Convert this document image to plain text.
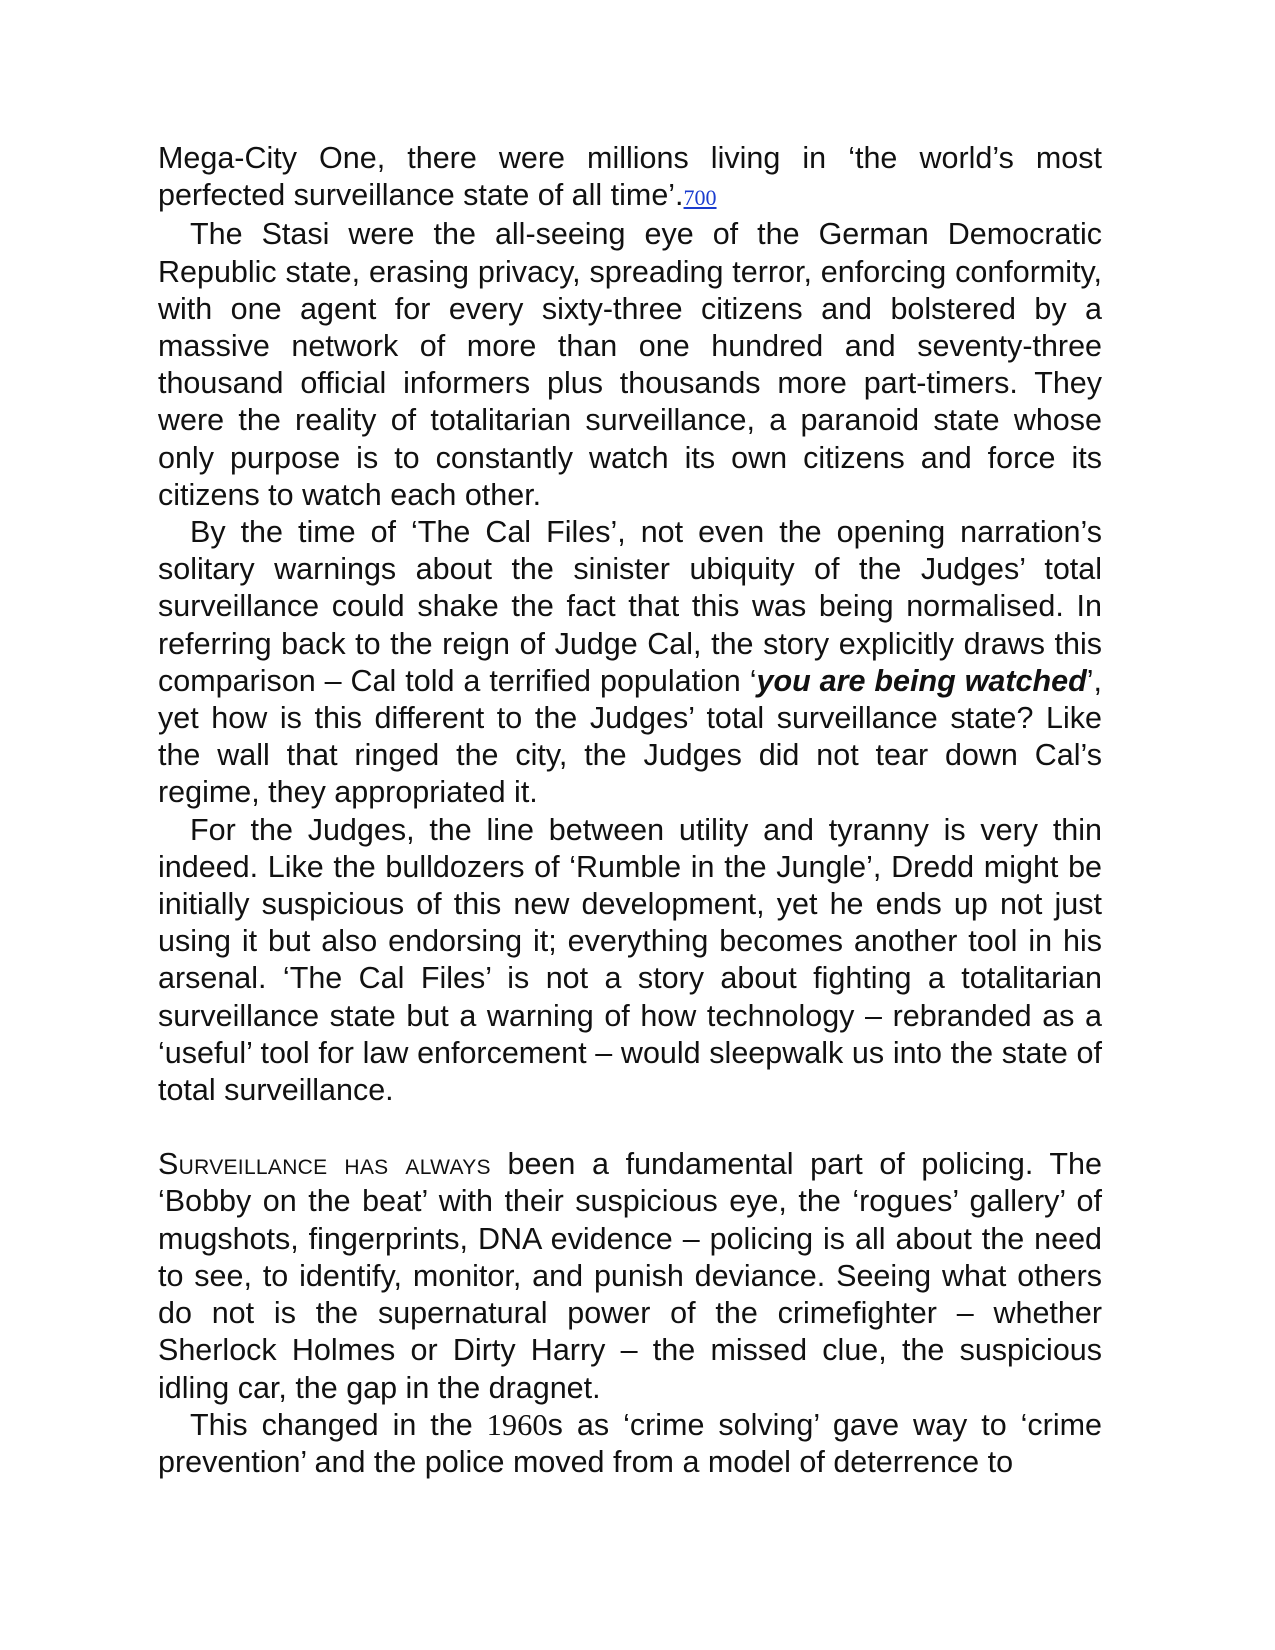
Mega-City One, there were millions living in ‘the world’s most perfected surveillance state of all time’.700

The Stasi were the all-seeing eye of the German Democratic Republic state, erasing privacy, spreading terror, enforcing conformity, with one agent for every sixty-three citizens and bolstered by a massive network of more than one hundred and seventy-three thousand official informers plus thousands more part-timers. They were the reality of totalitarian surveillance, a paranoid state whose only purpose is to constantly watch its own citizens and force its citizens to watch each other.

By the time of ‘The Cal Files’, not even the opening narration’s solitary warnings about the sinister ubiquity of the Judges’ total surveillance could shake the fact that this was being normalised. In referring back to the reign of Judge Cal, the story explicitly draws this comparison – Cal told a terrified population ‘you are being watched’, yet how is this different to the Judges’ total surveillance state? Like the wall that ringed the city, the Judges did not tear down Cal’s regime, they appropriated it.

For the Judges, the line between utility and tyranny is very thin indeed. Like the bulldozers of ‘Rumble in the Jungle’, Dredd might be initially suspicious of this new development, yet he ends up not just using it but also endorsing it; everything becomes another tool in his arsenal. ‘The Cal Files’ is not a story about fighting a totalitarian surveillance state but a warning of how technology – rebranded as a ‘useful’ tool for law enforcement – would sleepwalk us into the state of total surveillance.

Surveillance has always been a fundamental part of policing. The ‘Bobby on the beat’ with their suspicious eye, the ‘rogues’ gallery’ of mugshots, fingerprints, DNA evidence – policing is all about the need to see, to identify, monitor, and punish deviance. Seeing what others do not is the supernatural power of the crimefighter – whether Sherlock Holmes or Dirty Harry – the missed clue, the suspicious idling car, the gap in the dragnet.

This changed in the 1960s as ‘crime solving’ gave way to ‘crime prevention’ and the police moved from a model of deterrence to
